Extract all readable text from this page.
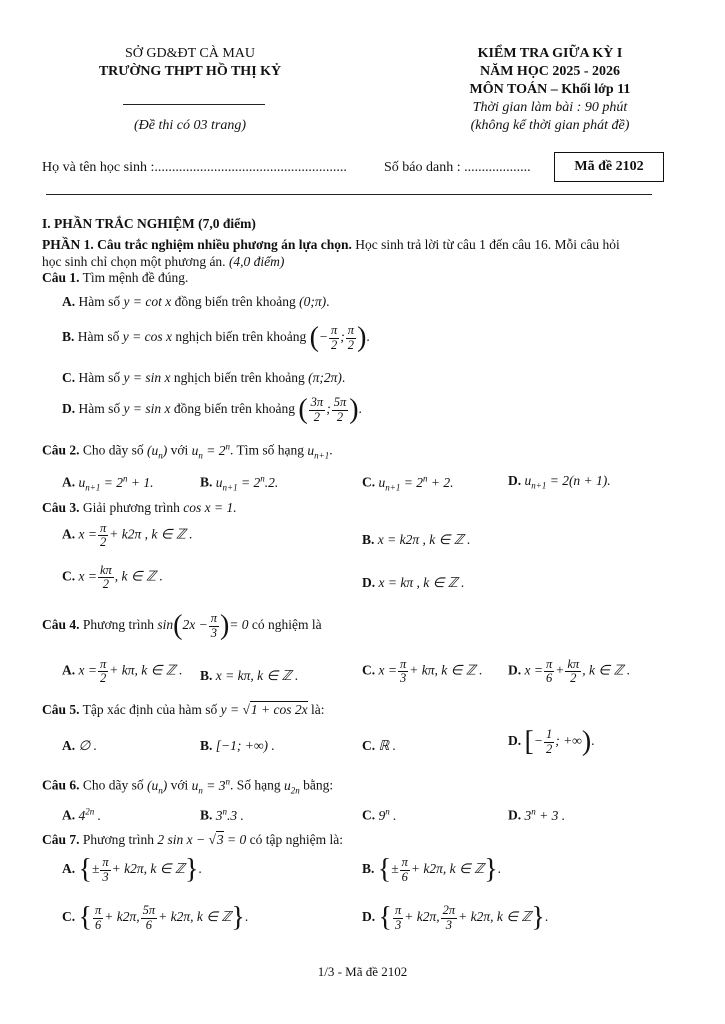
SỞ GD&ĐT CÀ MAU
TRƯỜNG THPT HỒ THỊ KỶ
(Đề thi có 03 trang)
KIỂM TRA GIỮA KỲ I
NĂM HỌC 2025 - 2026
MÔN TOÁN – Khối lớp 11
Thời gian làm bài : 90 phút
(không kể thời gian phát đề)
Họ và tên học sinh :.......................................................	Số báo danh : ...................	Mã đề 2102
I. PHẦN TRẮC NGHIỆM (7,0 điểm)
PHẦN 1. Câu trắc nghiệm nhiều phương án lựa chọn. Học sinh trả lời từ câu 1 đến câu 16. Mỗi câu hỏi
học sinh chỉ chọn một phương án. (4,0 điểm)
Câu 1. Tìm mệnh đề đúng.
A. Hàm số y = cot x đồng biến trên khoảng (0;π).
B. Hàm số y = cos x nghịch biến trên khoảng (− $\frac{\pi}{2}$ ; $\frac{\pi}{2}$ ).
C. Hàm số y = sin x nghịch biến trên khoảng (π;2π).
D. Hàm số y = sin x đồng biến trên khoảng ( $\frac{3\pi}{2}$ ; $\frac{5\pi}{2}$ ).
Câu 2. Cho dãy số $(u_n)$ với $u_n = 2^n$. Tìm số hạng $u_{n+1}$.
A. $u_{n+1} = 2^n + 1$.	B. $u_{n+1} = 2^n.2$.	C. $u_{n+1} = 2^n + 2$.	D. $u_{n+1} = 2(n + 1)$.
Câu 3. Giải phương trình cos x = 1.
A. $x = \frac{\pi}{2} + k2\pi$ , k ∈ ℤ .	B. x = k2π , k ∈ ℤ .
C. $x = \frac{k\pi}{2}$ , k ∈ ℤ .	D. x = kπ , k ∈ ℤ .
Câu 4. Phương trình $\sin(2x - \frac{\pi}{3}$ )= 0 có nghiệm là
A. $x = \frac{\pi}{2} + k\pi$, k ∈ ℤ . B. x = kπ, k ∈ ℤ .	C. $x = \frac{\pi}{3} + k\pi$, k ∈ ℤ . D. $x = \frac{\pi}{6} + \frac{k\pi}{2}$ , k ∈ ℤ .
Câu 5. Tập xác định của hàm số y = √1 + cos 2x là:
A. ∅ .	B. [−1; +∞) .	C. ℝ .	D. [− $\frac{1}{2}$ ; +∞).
Câu 6. Cho dãy số $(u_n)$ với $u_n = 3^n$. Số hạng $u_{2n}$ bằng:
A. $4^{2n}$ .	B. 3$^n$.3 .	C. 9$^n$ .	D. $3^n + 3$ .
Câu 7. Phương trình 2 sin x − √3 = 0 có tập nghiệm là:
A. {± $\frac{\pi}{3} + k2\pi$, k ∈ ℤ}.	B. {± $\frac{\pi}{6} + k2\pi$, k ∈ ℤ}.
C. { $\frac{\pi}{6} + k2\pi$, $\frac{5\pi}{6} + k2\pi$, k ∈ ℤ}.	D. { $\frac{\pi}{3} + k2\pi$, $\frac{2\pi}{3} + k2\pi$, k ∈ ℤ}.
1/3 - Mã đề 2102
